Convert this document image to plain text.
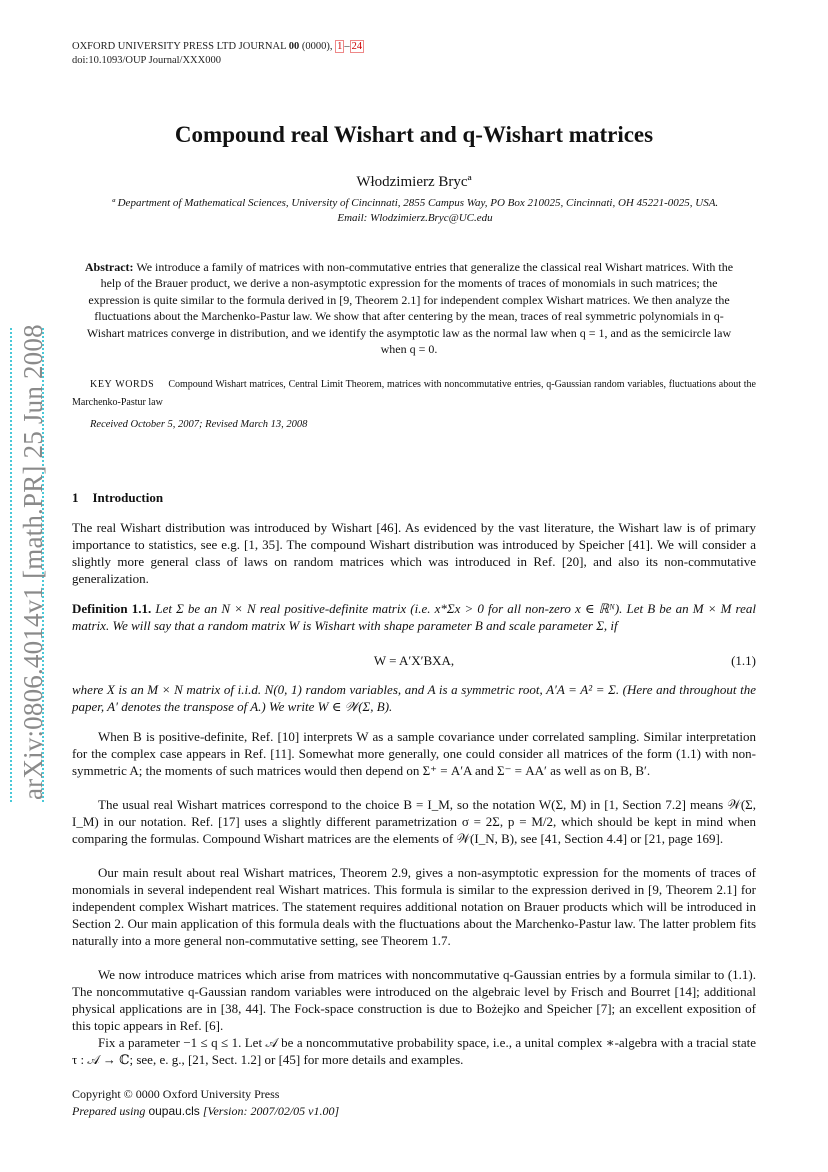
OXFORD UNIVERSITY PRESS LTD JOURNAL 00 (0000), 1 – 24
doi:10.1093/OUP Journal/XXX000
arXiv:0806.4014v1 [math.PR] 25 Jun 2008
Compound real Wishart and q-Wishart matrices
Włodzimierz Brycª
ª Department of Mathematical Sciences, University of Cincinnati, 2855 Campus Way, PO Box 210025, Cincinnati, OH 45221-0025, USA. Email: Wlodzimierz.Bryc@UC.edu
Abstract: We introduce a family of matrices with non-commutative entries that generalize the classical real Wishart matrices. With the help of the Brauer product, we derive a non-asymptotic expression for the moments of traces of monomials in such matrices; the expression is quite similar to the formula derived in [9, Theorem 2.1] for independent complex Wishart matrices. We then analyze the fluctuations about the Marchenko-Pastur law. We show that after centering by the mean, traces of real symmetric polynomials in q-Wishart matrices converge in distribution, and we identify the asymptotic law as the normal law when q = 1, and as the semicircle law when q = 0.
KEY WORDS Compound Wishart matrices, Central Limit Theorem, matrices with noncommutative entries, q-Gaussian random variables, fluctuations about the Marchenko-Pastur law
Received October 5, 2007; Revised March 13, 2008
1 Introduction
The real Wishart distribution was introduced by Wishart [46]. As evidenced by the vast literature, the Wishart law is of primary importance to statistics, see e.g. [1, 35]. The compound Wishart distribution was introduced by Speicher [41]. We will consider a slightly more general class of laws on random matrices which was introduced in Ref. [20], and also its non-commutative generalization.
Definition 1.1. Let Σ be an N × N real positive-definite matrix (i.e. x*Σx > 0 for all non-zero x ∈ ℝᴺ). Let B be an M × M real matrix. We will say that a random matrix W is Wishart with shape parameter B and scale parameter Σ, if
W = A′X′BXA,	(1.1)
where X is an M × N matrix of i.i.d. N(0, 1) random variables, and A is a symmetric root, A′A = A² = Σ. (Here and throughout the paper, A′ denotes the transpose of A.) We write W ∈ 𝒲(Σ, B).
When B is positive-definite, Ref. [10] interprets W as a sample covariance under correlated sampling. Similar interpretation for the complex case appears in Ref. [11]. Somewhat more generally, one could consider all matrices of the form (1.1) with non-symmetric A; the moments of such matrices would then depend on Σ⁺ = A′A and Σ⁻ = AA′ as well as on B, B′.
The usual real Wishart matrices correspond to the choice B = I_M, so the notation W(Σ, M) in [1, Section 7.2] means 𝒲(Σ, I_M) in our notation. Ref. [17] uses a slightly different parametrization σ = 2Σ, p = M/2, which should be kept in mind when comparing the formulas. Compound Wishart matrices are the elements of 𝒲(I_N, B), see [41, Section 4.4] or [21, page 169].
Our main result about real Wishart matrices, Theorem 2.9, gives a non-asymptotic expression for the moments of traces of monomials in several independent real Wishart matrices. This formula is similar to the expression derived in [9, Theorem 2.1] for independent complex Wishart matrices. The statement requires additional notation on Brauer products which will be introduced in Section 2. Our main application of this formula deals with the fluctuations about the Marchenko-Pastur law. The latter problem fits naturally into a more general non-commutative setting, see Theorem 1.7.
We now introduce matrices which arise from matrices with noncommutative q-Gaussian entries by a formula similar to (1.1). The noncommutative q-Gaussian random variables were introduced on the algebraic level by Frisch and Bourret [14]; additional physical applications are in [38, 44]. The Fock-space construction is due to Bożejko and Speicher [7]; an excellent exposition of this topic appears in Ref. [6].
Fix a parameter −1 ≤ q ≤ 1. Let 𝒜 be a noncommutative probability space, i.e., a unital complex ∗-algebra with a tracial state τ : 𝒜 → ℂ; see, e. g., [21, Sect. 1.2] or [45] for more details and examples.
Copyright © 0000 Oxford University Press
Prepared using oupau.cls [Version: 2007/02/05 v1.00]
